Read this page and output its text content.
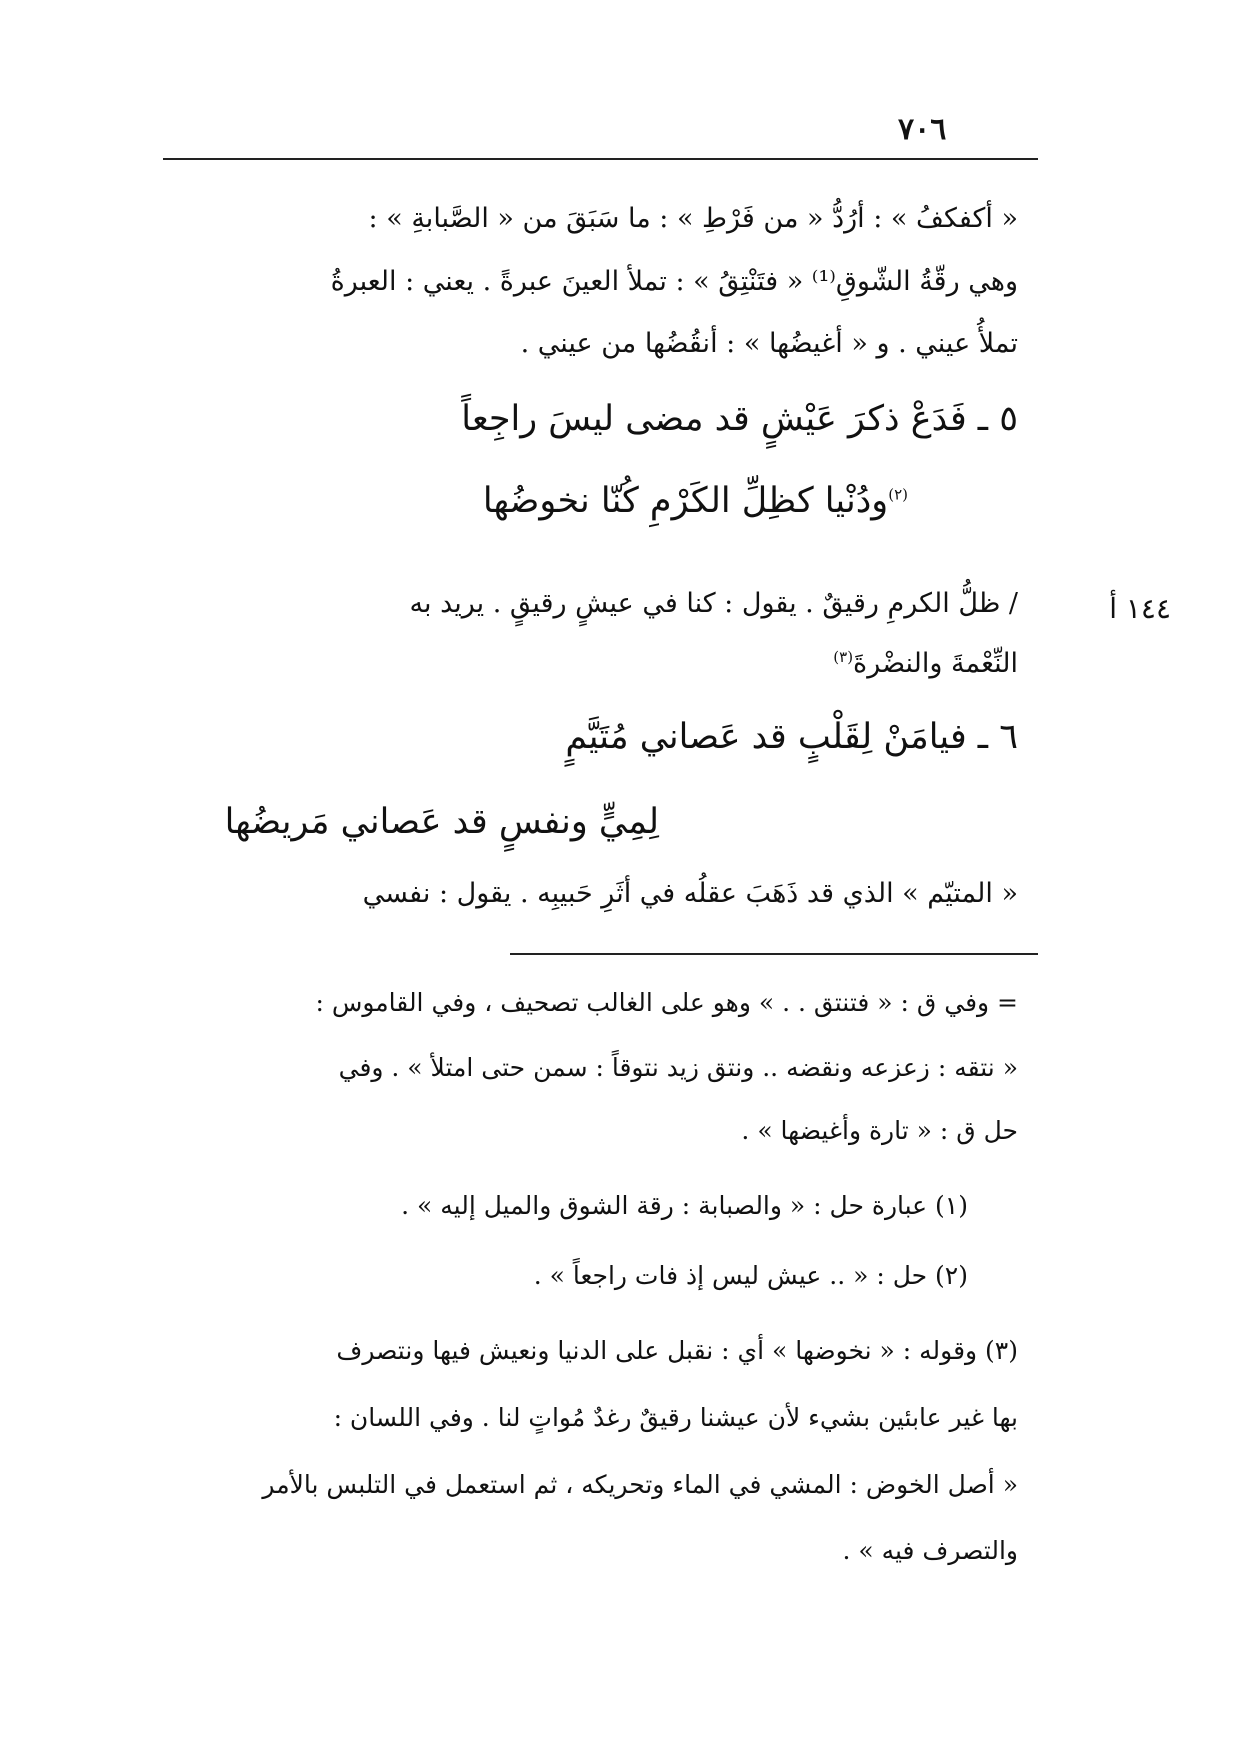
٧٠٦
« أكفكفُ » : أرُدُّ « من فَرْطِ » : ما سَبَقَ من « الصَّبابةِ » :
وهي رقّةُ الشّوقِ⁽¹⁾ « فتَنْتِقُ » : تملأ العينَ عبرةً . يعني : العبرةُ
تملأُ عيني . و « أغيضُها » : أنقُضُها من عيني .
٥ ـ فَدَعْ ذكرَ عَيْشٍ قد مضى ليسَ راجِعاً
$^{(٢)}$ودُنْيا كظِلِّ الكَرْمِ كُنّا نخوضُها
١٤٤ أ
/ ظلُّ الكرمِ رقيقٌ . يقول : كنا في عيشٍ رقيقٍ . يريد به
النِّعْمةَ والنضْرةَ$^{(٣)}$
٦ ـ فيامَنْ لِقَلْبٍ قد عَصاني مُتَيَّمٍ
لِمِيٍّ ونفسٍ قد عَصاني مَريضُها
« المتيّم » الذي قد ذَهَبَ عقلُه في أثَرِ حَبيبِه . يقول : نفسي
= وفي ق : « فتنتق . . » وهو على الغالب تصحيف ، وفي القاموس :
« نتقه : زعزعه ونقضه .. ونتق زيد نتوقاً : سمن حتى امتلأ » . وفي
حل ق : « تارة وأغيضها » .
(١) عبارة حل : « والصبابة : رقة الشوق والميل إليه » .
(٢) حل : « .. عيش ليس إذ فات راجعاً » .
(٣) وقوله : « نخوضها » أي : نقبل على الدنيا ونعيش فيها ونتصرف
بها غير عابئين بشيء لأن عيشنا رقيقٌ رغدٌ مُواتٍ لنا . وفي اللسان :
« أصل الخوض : المشي في الماء وتحريكه ، ثم استعمل في التلبس بالأمر
والتصرف فيه » .
